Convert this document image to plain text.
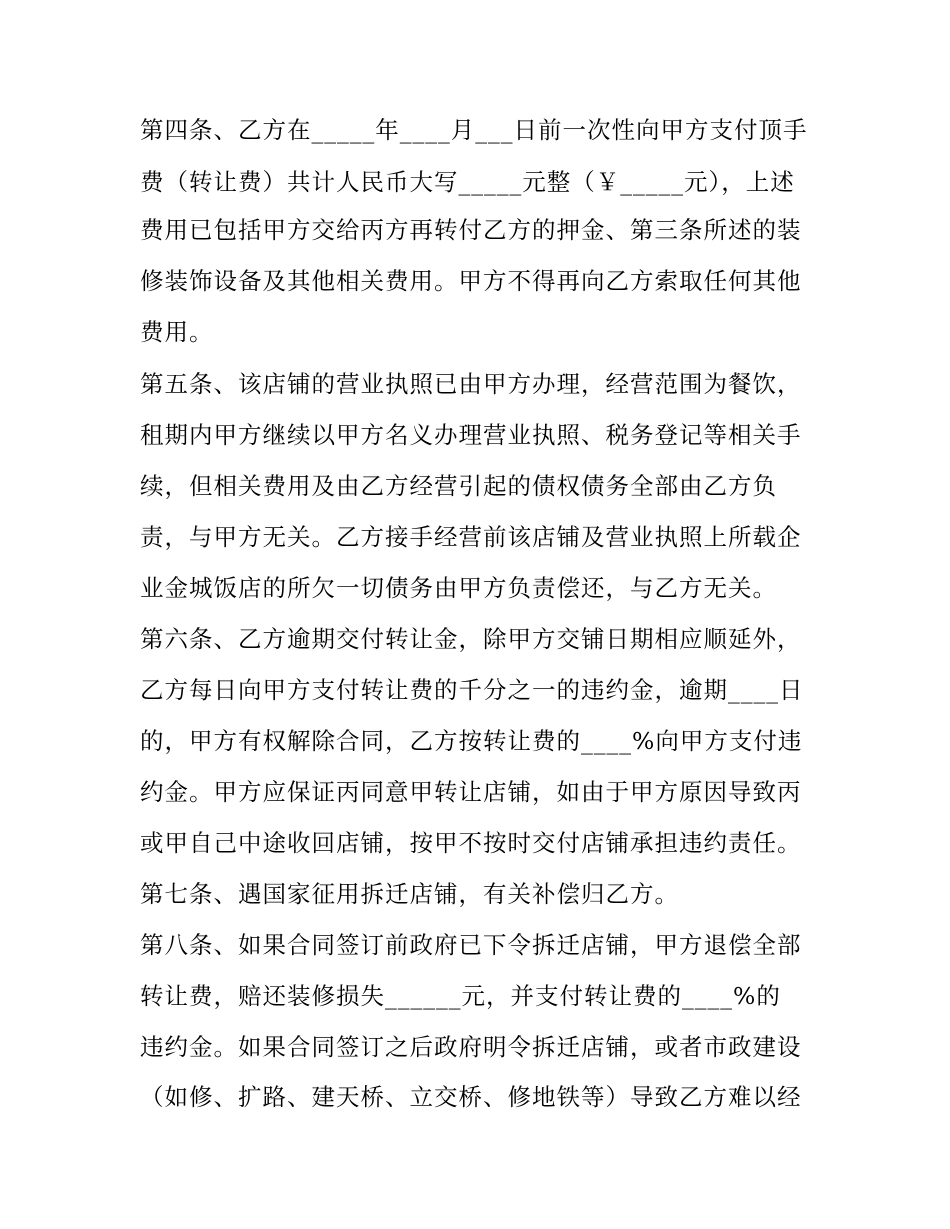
第四条、乙方在_____年____月___日前一次性向甲方支付顶手
费（转让费）共计人民币大写_____元整（￥_____元），上述
费用已包括甲方交给丙方再转付乙方的押金、第三条所述的装
修装饰设备及其他相关费用。甲方不得再向乙方索取任何其他
费用。
第五条、该店铺的营业执照已由甲方办理，经营范围为餐饮，
租期内甲方继续以甲方名义办理营业执照、税务登记等相关手
续，但相关费用及由乙方经营引起的债权债务全部由乙方负
责，与甲方无关。乙方接手经营前该店铺及营业执照上所载企
业金城饭店的所欠一切债务由甲方负责偿还，与乙方无关。
第六条、乙方逾期交付转让金，除甲方交铺日期相应顺延外，
乙方每日向甲方支付转让费的千分之一的违约金，逾期____日
的，甲方有权解除合同，乙方按转让费的____%向甲方支付违
约金。甲方应保证丙同意甲转让店铺，如由于甲方原因导致丙
或甲自己中途收回店铺，按甲不按时交付店铺承担违约责任。
第七条、遇国家征用拆迁店铺，有关补偿归乙方。
第八条、如果合同签订前政府已下令拆迁店铺，甲方退偿全部
转让费，赔还装修损失______元，并支付转让费的____%的
违约金。如果合同签订之后政府明令拆迁店铺，或者市政建设
（如修、扩路、建天桥、立交桥、修地铁等）导致乙方难以经
